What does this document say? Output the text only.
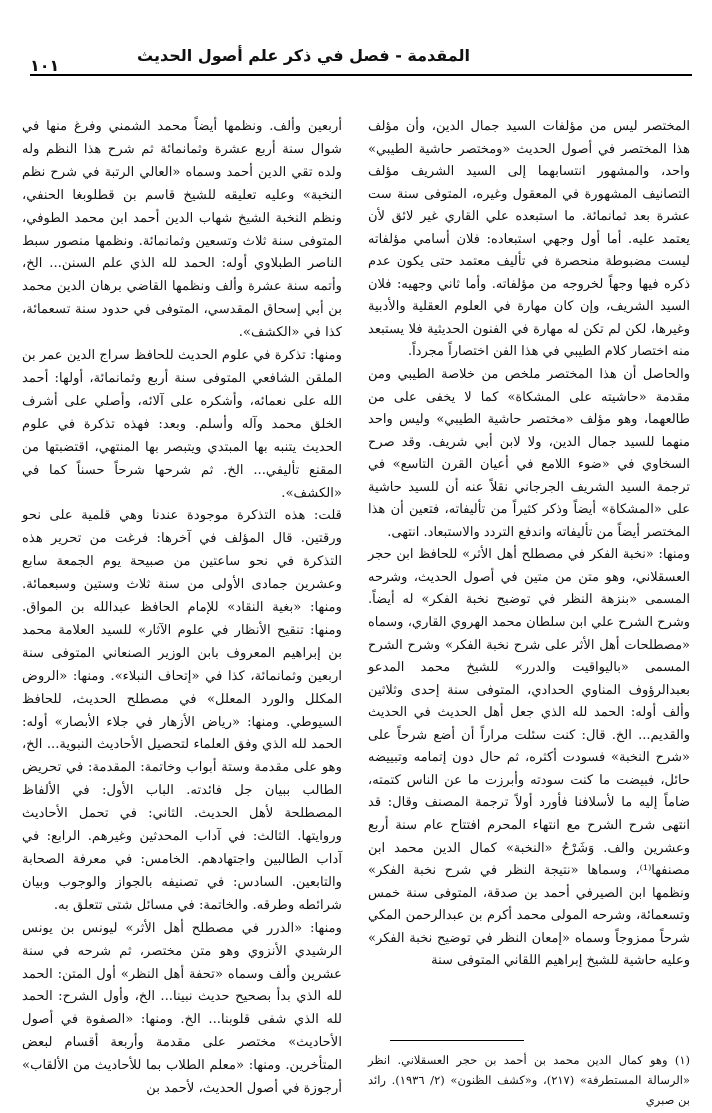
المقدمة - فصل في ذكر علم أصول الحديث
١٠١

المختصر ليس من مؤلفات السيد جمال الدين، وأن مؤلف هذا المختصر في أصول الحديث «ومختصر حاشية الطيبي» واحد، والمشهور انتسابهما إلى السيد الشريف مؤلف التصانيف المشهورة في المعقول وغيره، المتوفى سنة ست عشرة بعد ثمانمائة. ما استبعده علي القاري غير لائق لأن يعتمد عليه. أما أول وجهي استبعاده: فلان أسامي مؤلفاته ليست مضبوطة منحصرة في تأليف معتمد حتى يكون عدم ذكره فيها وجهاً لخروجه من مؤلفاته. وأما ثاني وجهيه: فلان السيد الشريف، وإن كان مهارة في العلوم العقلية والأدبية وغيرها، لكن لم تكن له مهارة في الفنون الحديثية فلا يستبعد منه اختصار كلام الطيبي في هذا الفن اختصاراً مجرداً.

والحاصل أن هذا المختصر ملخص من خلاصة الطيبي ومن مقدمة «حاشيته على المشكاة» كما لا يخفى على من طالعهما، وهو مؤلف «مختصر حاشية الطيبي» وليس واحد منهما للسيد جمال الدين، ولا لابن أبي شريف. وقد صرح السخاوي في «ضوء اللامع في أعيان القرن التاسع» في ترجمة السيد الشريف الجرجاني نقلاً عنه أن للسيد حاشية على «المشكاة» أيضاً وذكر كثيراً من تأليفاته، فتعين أن هذا المختصر أيضاً من تأليفاته واندفع التردد والاستبعاد. انتهى.

ومنها: «نخبة الفكر في مصطلح أهل الأثر» للحافظ ابن حجر العسقلاني، وهو متن من متين في أصول الحديث، وشرحه المسمى «بنزهة النظر في توضيح نخبة الفكر» له أيضاً. وشرح الشرح علي ابن سلطان محمد الهروي القاري، وسماه «مصطلحات أهل الأثر على شرح نخبة الفكر» وشرح الشرح المسمى «باليواقيت والدرر» للشيخ محمد المدعو بعبدالرؤوف المناوي الحدادي، المتوفى سنة إحدى وثلاثين وألف أوله: الحمد لله الذي جعل أهل الحديث في الحديث والقديم... الخ. قال: كنت سئلت مراراً أن أضع شرحاً على «شرح النخبة» فسودت أكثره، ثم حال دون إتمامه وتبييضه حائل، فبيضت ما كنت سودته وأبرزت ما عن الناس كتمته، ضاماً إليه ما لأسلافنا فأورد أولاً ترجمة المصنف وقال: قد انتهى شرح الشرح مع انتهاء المحرم افتتاح عام سنة أربع وعشرين والف. وَشَرْحُ «النخبة» كمال الدين محمد ابن مصنفها⁽¹⁾، وسماها «نتيجة النظر في شرح نخبة الفكر» ونظمها ابن الصيرفي أحمد بن صدقة، المتوفى سنة خمس وتسعمائة، وشرحه المولى محمد أكرم بن عبدالرحمن المكي شرحاً ممزوجاً وسماه «إمعان النظر في توضيح نخبة الفكر» وعليه حاشية للشيخ إبراهيم اللقاني المتوفى سنة

أربعين وألف. ونظمها أيضاً محمد الشمني وفرغ منها في شوال سنة أربع عشرة وثمانمائة ثم شرح هذا النظم وله ولده تقي الدين أحمد وسماه «العالي الرتبة في شرح نظم النخبة» وعليه تعليقه للشيخ قاسم بن قطلوبغا الحنفي، ونظم النخبة الشيخ شهاب الدين أحمد ابن محمد الطوفي، المتوفى سنة ثلاث وتسعين وثمانمائة. ونظمها منصور سبط الناصر الطبلاوي أوله: الحمد لله الذي علم السنن... الخ، وأتمه سنة عشرة وألف ونظمها القاضي برهان الدين محمد بن أبي إسحاق المقدسي، المتوفى في حدود سنة تسعمائة، كذا في «الكشف».

ومنها: تذكرة في علوم الحديث للحافظ سراج الدين عمر بن الملقن الشافعي المتوفى سنة أربع وثمانمائة، أولها: أحمد الله على نعمائه، وأشكره على آلائه، وأصلي على أشرف الخلق محمد وآله وأسلم. وبعد: فهذه تذكرة في علوم الحديث يتنبه بها المبتدي ويتبصر بها المنتهي، اقتضبتها من المقنع تأليفي... الخ. ثم شرحها شرحاً حسناً كما في «الكشف».

قلت: هذه التذكرة موجودة عندنا وهي قلمية على نحو ورقتين. قال المؤلف في آخرها: فرغت من تحرير هذه التذكرة في نحو ساعتين من صبيحة يوم الجمعة سابع وعشرين جمادى الأولى من سنة ثلاث وستين وسبعمائة. ومنها: «بغية النقاد» للإمام الحافظ عبدالله بن المواق. ومنها: تنقيح الأنظار في علوم الآثار» للسيد العلامة محمد بن إبراهيم المعروف بابن الوزير الصنعاني المتوفى سنة اربعين وثمانمائة، كذا في «إتحاف النبلاء». ومنها: «الروض المكلل والورد المعلل» في مصطلح الحديث، للحافظ السيوطي. ومنها: «رياض الأزهار في جلاء الأبصار» أوله: الحمد لله الذي وفق العلماء لتحصيل الأحاديث النبوية... الخ، وهو على مقدمة وستة أبواب وخاتمة: المقدمة: في تحريض الطالب ببيان جل فائدته. الباب الأول: في الألفاظ المصطلحة لأهل الحديث. الثاني: في تحمل الأحاديث وروايتها. الثالث: في آداب المحدثين وغيرهم. الرابع: في آداب الطالبين واجتهادهم. الخامس: في معرفة الصحابة والتابعين. السادس: في تصنيفه بالجواز والوجوب وبيان شرائطه وطرقه. والخاتمة: في مسائل شتى تتعلق به.

ومنها: «الدرر في مصطلح أهل الأثر» ليونس بن يونس الرشيدي الأنزوي وهو متن مختصر، ثم شرحه في سنة عشرين وألف وسماه «تحفة أهل النظر» أول المتن: الحمد لله الذي بدأ بصحيح حديث نبينا... الخ، وأول الشرح: الحمد لله الذي شفى قلوبنا... الخ. ومنها: «الصفوة في أصول الأحاديث» مختصر على مقدمة وأربعة أقسام لبعض المتأخرين. ومنها: «معلم الطلاب بما للأحاديث من الألقاب» أرجوزة في أصول الحديث، لأحمد بن

(١) وهو كمال الدين محمد بن أحمد بن حجر العسقلاني. انظر «الرسالة المستطرفة» (٢١٧)، و«كشف الظنون» (٢/ ١٩٣٦). رائد بن صبري
